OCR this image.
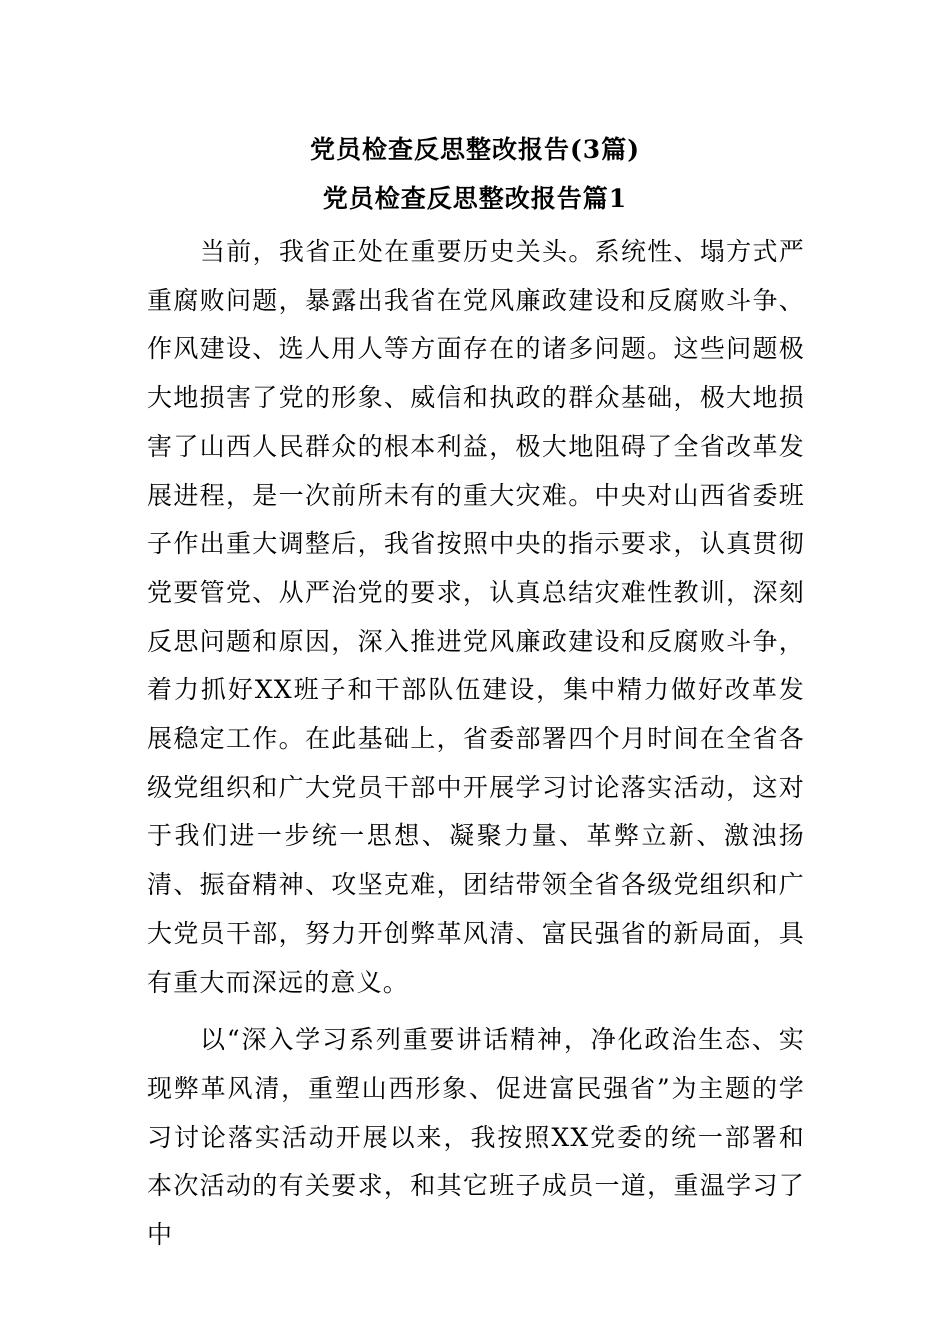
党员检查反思整改报告(3篇)
党员检查反思整改报告篇1

当前，我省正处在重要历史关头。系统性、塌方式严重腐败问题，暴露出我省在党风廉政建设和反腐败斗争、作风建设、选人用人等方面存在的诸多问题。这些问题极大地损害了党的形象、威信和执政的群众基础，极大地损害了山西人民群众的根本利益，极大地阻碍了全省改革发展进程，是一次前所未有的重大灾难。中央对山西省委班子作出重大调整后，我省按照中央的指示要求，认真贯彻党要管党、从严治党的要求，认真总结灾难性教训，深刻反思问题和原因，深入推进党风廉政建设和反腐败斗争，着力抓好XX班子和干部队伍建设，集中精力做好改革发展稳定工作。在此基础上，省委部署四个月时间在全省各级党组织和广大党员干部中开展学习讨论落实活动，这对于我们进一步统一思想、凝聚力量、革弊立新、激浊扬清、振奋精神、攻坚克难，团结带领全省各级党组织和广大党员干部，努力开创弊革风清、富民强省的新局面，具有重大而深远的意义。

以“深入学习系列重要讲话精神，净化政治生态、实现弊革风清，重塑山西形象、促进富民强省”为主题的学习讨论落实活动开展以来，我按照XX党委的统一部署和本次活动的有关要求，和其它班子成员一道，重温学习了中
